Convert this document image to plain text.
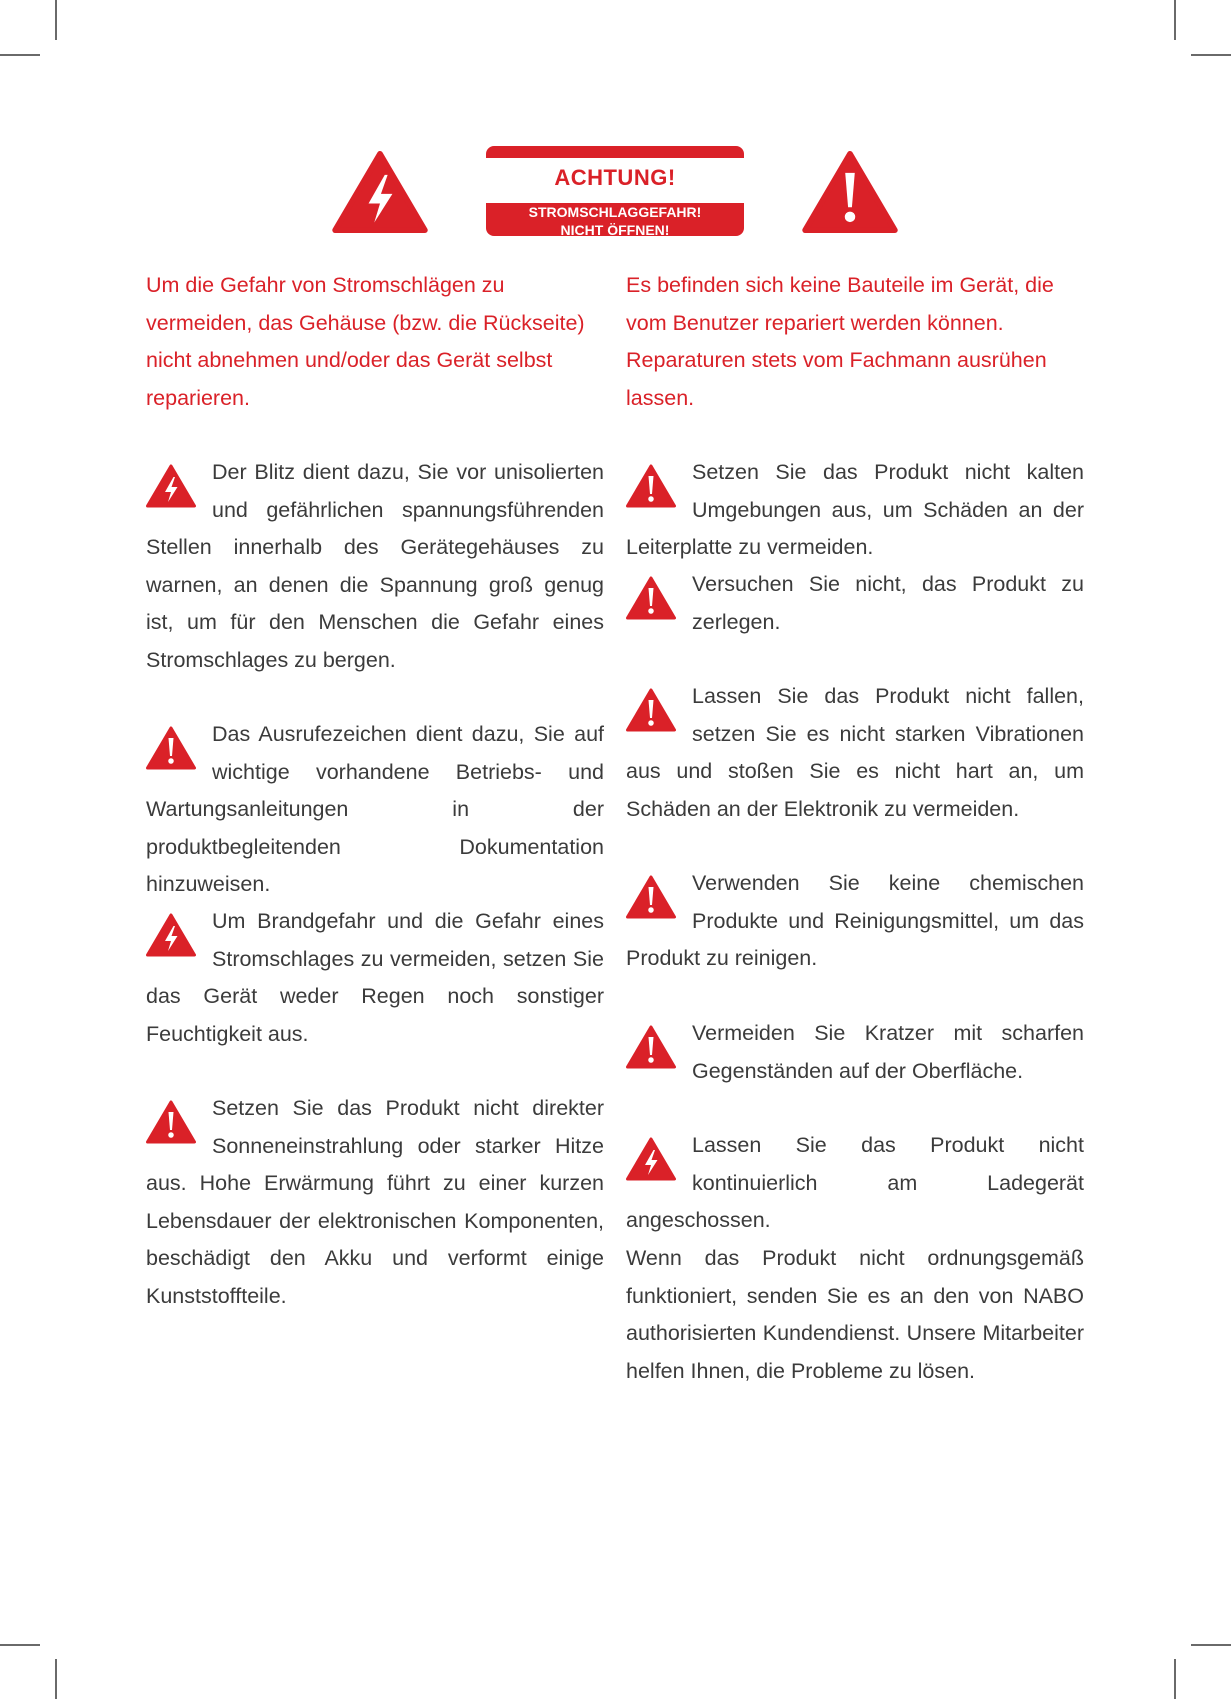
ACHTUNG!
STROMSCHLAGGEFAHR!
NICHT ÖFFNEN!

Um die Gefahr von Stromschlägen zu vermeiden, das Gehäuse (bzw. die Rückseite) nicht abnehmen und/oder das Gerät selbst reparieren.

Es befinden sich keine Bauteile im Gerät, die vom Benutzer repariert werden können. Reparaturen stets vom Fachmann ausrühen lassen.

Der Blitz dient dazu, Sie vor unisolierten und gefährlichen spannungsführenden Stellen innerhalb des Gerätegehäuses zu warnen, an denen die Spannung groß genug ist, um für den Menschen die Gefahr eines Stromschlages zu bergen.

Das Ausrufezeichen dient dazu, Sie auf wichtige vorhandene Betriebs- und Wartungsanleitungen in der produktbegleitenden Dokumentation hinzuweisen.

Um Brandgefahr und die Gefahr eines Stromschlages zu vermeiden, setzen Sie das Gerät weder Regen noch sonstiger Feuchtigkeit aus.

Setzen Sie das Produkt nicht direkter Sonneneinstrahlung oder starker Hitze aus. Hohe Erwärmung führt zu einer kurzen Lebensdauer der elektronischen Komponenten, beschädigt den Akku und verformt einige Kunststoffteile.

Setzen Sie das Produkt nicht kalten Umgebungen aus, um Schäden an der Leiterplatte zu vermeiden.

Versuchen Sie nicht, das Produkt zu zerlegen.

Lassen Sie das Produkt nicht fallen, setzen Sie es nicht starken Vibrationen aus und stoßen Sie es nicht hart an, um Schäden an der Elektronik zu vermeiden.

Verwenden Sie keine chemischen Produkte und Reinigungsmittel, um das Produkt zu reinigen.

Vermeiden Sie Kratzer mit scharfen Gegenständen auf der Oberfläche.

Lassen Sie das Produkt nicht kontinuierlich am Ladegerät angeschossen.

Wenn das Produkt nicht ordnungsgemäß funktioniert, senden Sie es an den von NABO authorisierten Kundendienst. Unsere Mitarbeiter helfen Ihnen, die Probleme zu lösen.
